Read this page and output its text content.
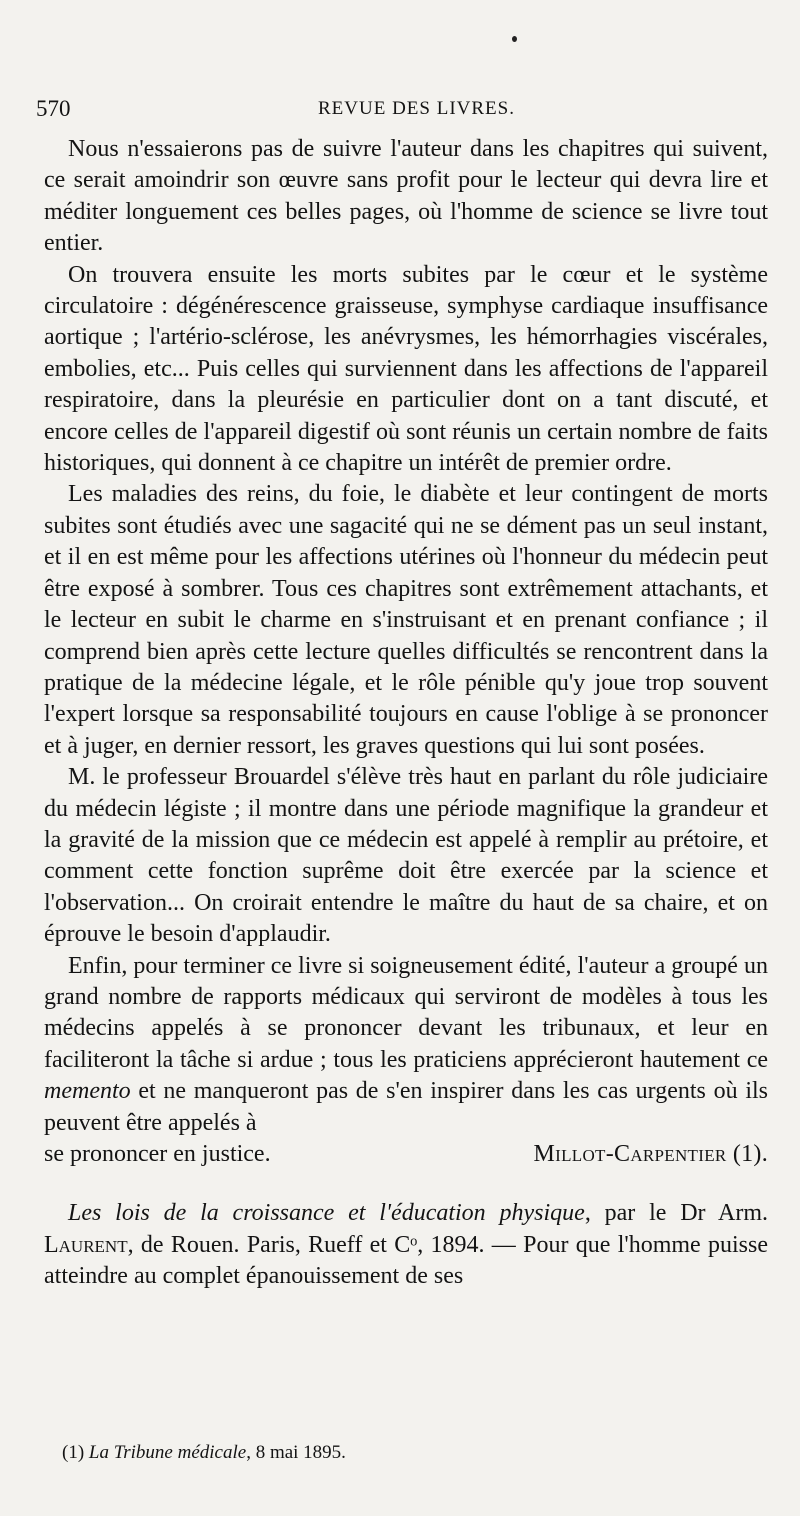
570	REVUE DES LIVRES.

Nous n'essaierons pas de suivre l'auteur dans les chapitres qui suivent, ce serait amoindrir son œuvre sans profit pour le lecteur qui devra lire et méditer longuement ces belles pages, où l'homme de science se livre tout entier.

On trouvera ensuite les morts subites par le cœur et le système circulatoire : dégénérescence graisseuse, symphyse cardiaque insuffisance aortique ; l'artério-sclérose, les anévrysmes, les hémorrhagies viscérales, embolies, etc... Puis celles qui surviennent dans les affections de l'appareil respiratoire, dans la pleurésie en particulier dont on a tant discuté, et encore celles de l'appareil digestif où sont réunis un certain nombre de faits historiques, qui donnent à ce chapitre un intérêt de premier ordre.

Les maladies des reins, du foie, le diabète et leur contingent de morts subites sont étudiés avec une sagacité qui ne se dément pas un seul instant, et il en est même pour les affections utérines où l'honneur du médecin peut être exposé à sombrer. Tous ces chapitres sont extrêmement attachants, et le lecteur en subit le charme en s'instruisant et en prenant confiance ; il comprend bien après cette lecture quelles difficultés se rencontrent dans la pratique de la médecine légale, et le rôle pénible qu'y joue trop souvent l'expert lorsque sa responsabilité toujours en cause l'oblige à se prononcer et à juger, en dernier ressort, les graves questions qui lui sont posées.

M. le professeur Brouardel s'élève très haut en parlant du rôle judiciaire du médecin légiste ; il montre dans une période magnifique la grandeur et la gravité de la mission que ce médecin est appelé à remplir au prétoire, et comment cette fonction suprême doit être exercée par la science et l'observation... On croirait entendre le maître du haut de sa chaire, et on éprouve le besoin d'applaudir.

Enfin, pour terminer ce livre si soigneusement édité, l'auteur a groupé un grand nombre de rapports médicaux qui serviront de modèles à tous les médecins appelés à se prononcer devant les tribunaux, et leur en faciliteront la tâche si ardue ; tous les praticiens apprécieront hautement ce memento et ne manqueront pas de s'en inspirer dans les cas urgents où ils peuvent être appelés à

se prononcer en justice.	Millot-Carpentier (1).

Les lois de la croissance et l'éducation physique, par le Dr Arm. Laurent, de Rouen. Paris, Rueff et Cᵒ, 1894. — Pour que l'homme puisse atteindre au complet épanouissement de ses

(1) La Tribune médicale, 8 mai 1895.
